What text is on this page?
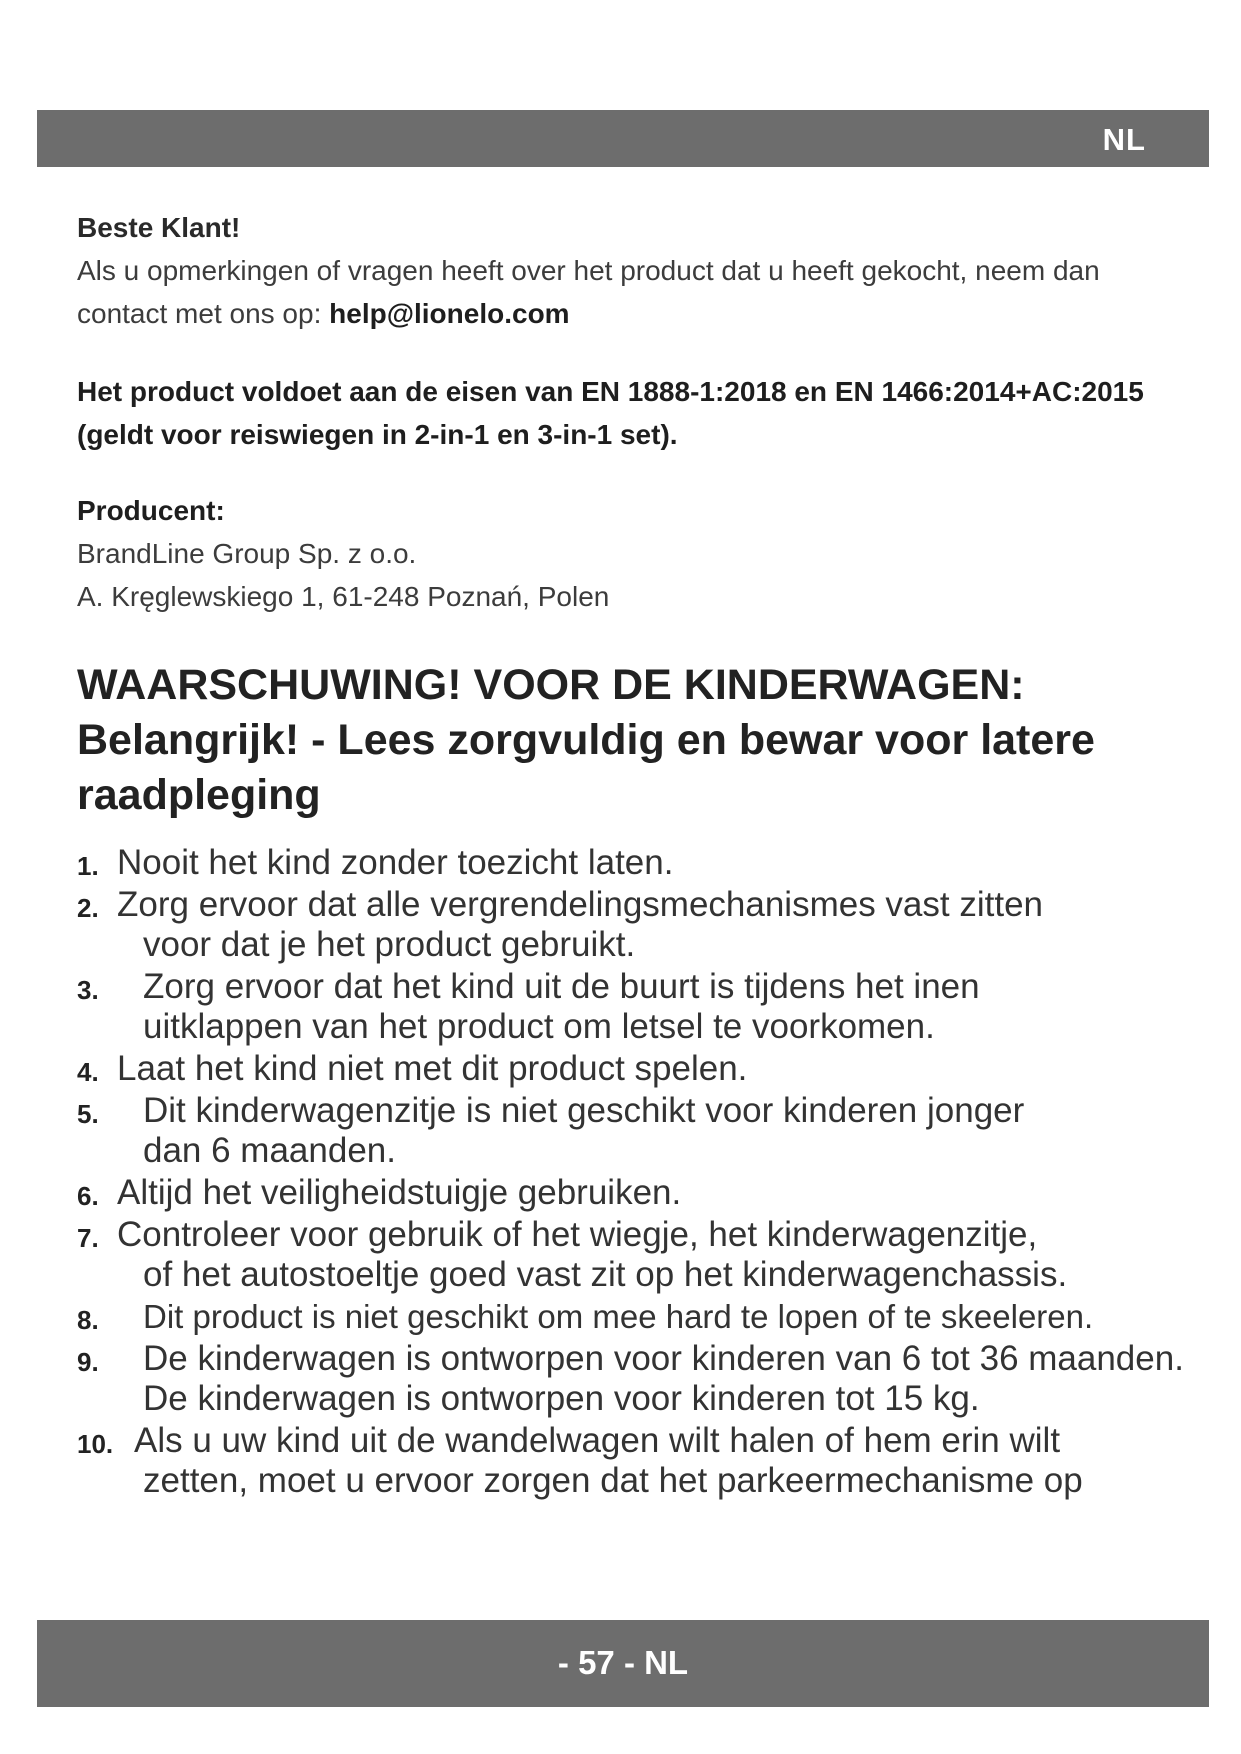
NL
Beste Klant!
Als u opmerkingen of vragen heeft over het product dat u heeft gekocht, neem dan contact met ons op: help@lionelo.com
Het product voldoet aan de eisen van EN 1888-1:2018 en EN 1466:2014+AC:2015 (geldt voor reiswiegen in 2-in-1 en 3-in-1 set).
Producent:
BrandLine Group Sp. z o.o.
A. Kręglewskiego 1, 61-248 Poznań, Polen
WAARSCHUWING! VOOR DE KINDERWAGEN: Belangrijk! - Lees zorgvuldig en bewar voor latere raadpleging
1. Nooit het kind zonder toezicht laten.
2. Zorg ervoor dat alle vergrendelingsmechanismes vast zitten
voor dat je het product gebruikt.
3. Zorg ervoor dat het kind uit de buurt is tijdens het inen
uitklappen van het product om letsel te voorkomen.
4. Laat het kind niet met dit product spelen.
5. Dit kinderwagenzitje is niet geschikt voor kinderen jonger
dan 6 maanden.
6. Altijd het veiligheidstuigje gebruiken.
7. Controleer voor gebruik of het wiegje, het kinderwagenzitje,
of het autostoeltje goed vast zit op het kinderwagenchassis.
8. Dit product is niet geschikt om mee hard te lopen of te skeeleren.
9. De kinderwagen is ontworpen voor kinderen van 6 tot 36 maanden. De kinderwagen is ontworpen voor kinderen tot 15 kg.
10. Als u uw kind uit de wandelwagen wilt halen of hem erin wilt
zetten, moet u ervoor zorgen dat het parkeermechanisme op
- 57 - NL
